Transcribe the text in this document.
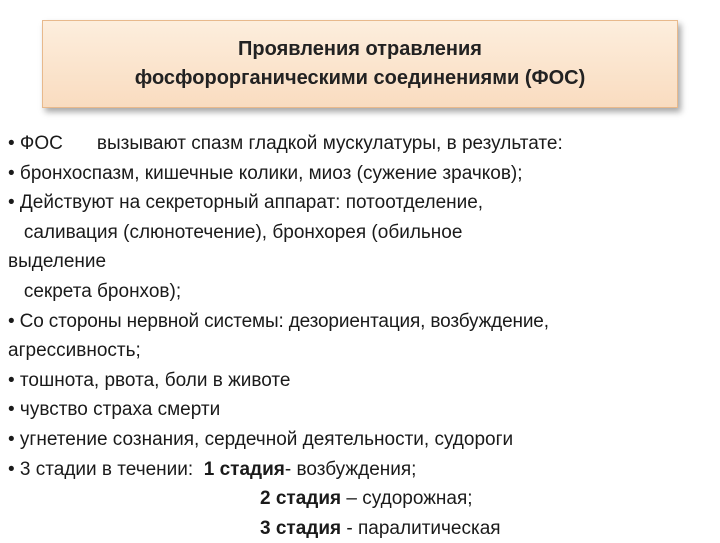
Проявления отравления
фосфорорганическими соединениями (ФОС)
• ФОС вызывают спазм гладкой мускулатуры, в результате:
• бронхоспазм, кишечные колики, миоз (сужение зрачков);
• Действуют на секреторный аппарат: потоотделение,
саливация (слюнотечение), бронхорея (обильное
выделение
секрета бронхов);
• Со стороны нервной системы: дезориентация, возбуждение,
агрессивность;
• тошнота, рвота, боли в животе
• чувство страха смерти
• угнетение сознания, сердечной деятельности, судороги
• 3 стадии в течении:  1 стадия- возбуждения;
2 стадия – судорожная;
3 стадия - паралитическая
